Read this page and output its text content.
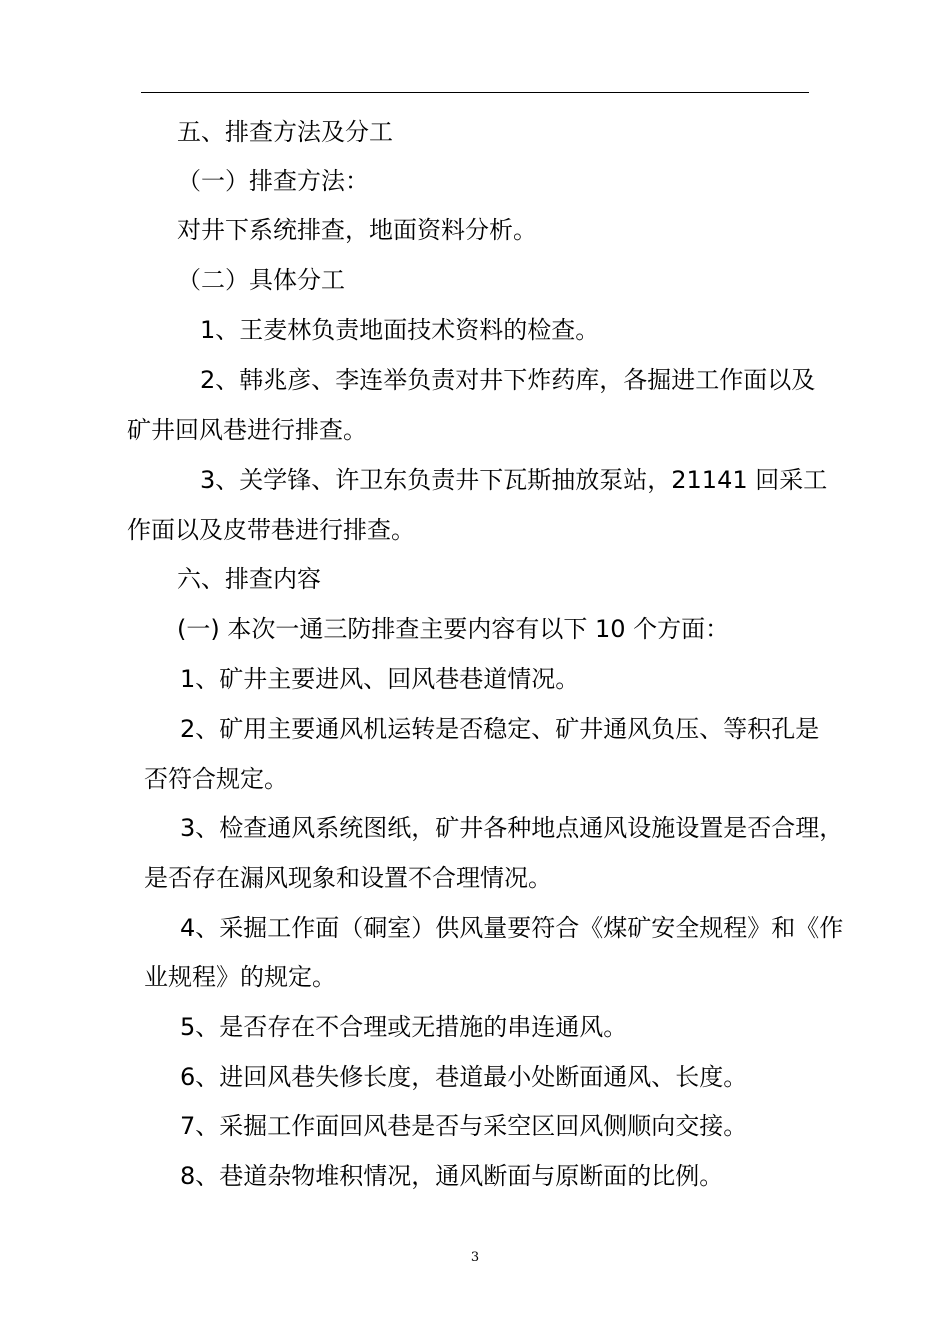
五、排查方法及分工
（一）排查方法：
对井下系统排查，地面资料分析。
（二）具体分工
1、王麦林负责地面技术资料的检查。
2、韩兆彦、李连举负责对井下炸药库，各掘进工作面以及
矿井回风巷进行排查。
3、关学锋、许卫东负责井下瓦斯抽放泵站，21141 回采工
作面以及皮带巷进行排查。
六、排查内容
(一) 本次一通三防排查主要内容有以下 10 个方面：
1、矿井主要进风、回风巷巷道情况。
2、矿用主要通风机运转是否稳定、矿井通风负压、等积孔是
否符合规定。
3、检查通风系统图纸，矿井各种地点通风设施设置是否合理，
是否存在漏风现象和设置不合理情况。
4、采掘工作面（硐室）供风量要符合《煤矿安全规程》和《作
业规程》的规定。
5、是否存在不合理或无措施的串连通风。
6、进回风巷失修长度，巷道最小处断面通风、长度。
7、采掘工作面回风巷是否与采空区回风侧顺向交接。
8、巷道杂物堆积情况，通风断面与原断面的比例。
3
